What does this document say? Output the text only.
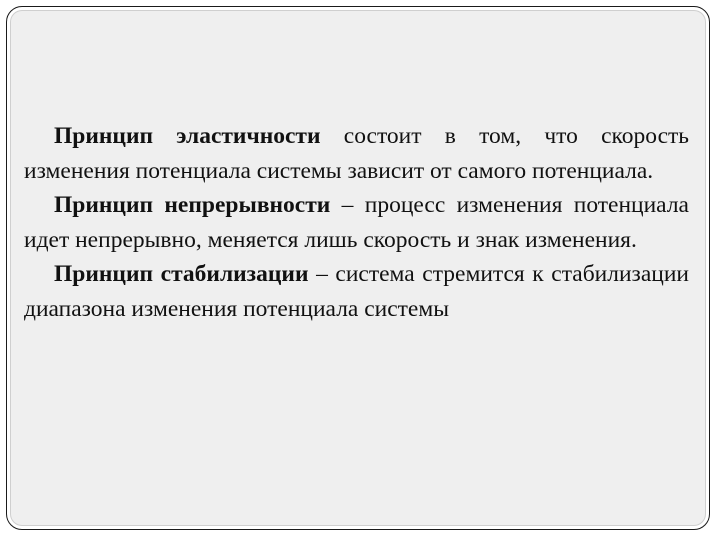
Принцип эластичности состоит в том, что скорость изменения потенциала системы зависит от самого потенциала.

Принцип непрерывности – процесс изменения потенциала идет непрерывно, меняется лишь скорость и знак изменения.

Принцип стабилизации – система стремится к стабилизации диапазона изменения потенциала системы
